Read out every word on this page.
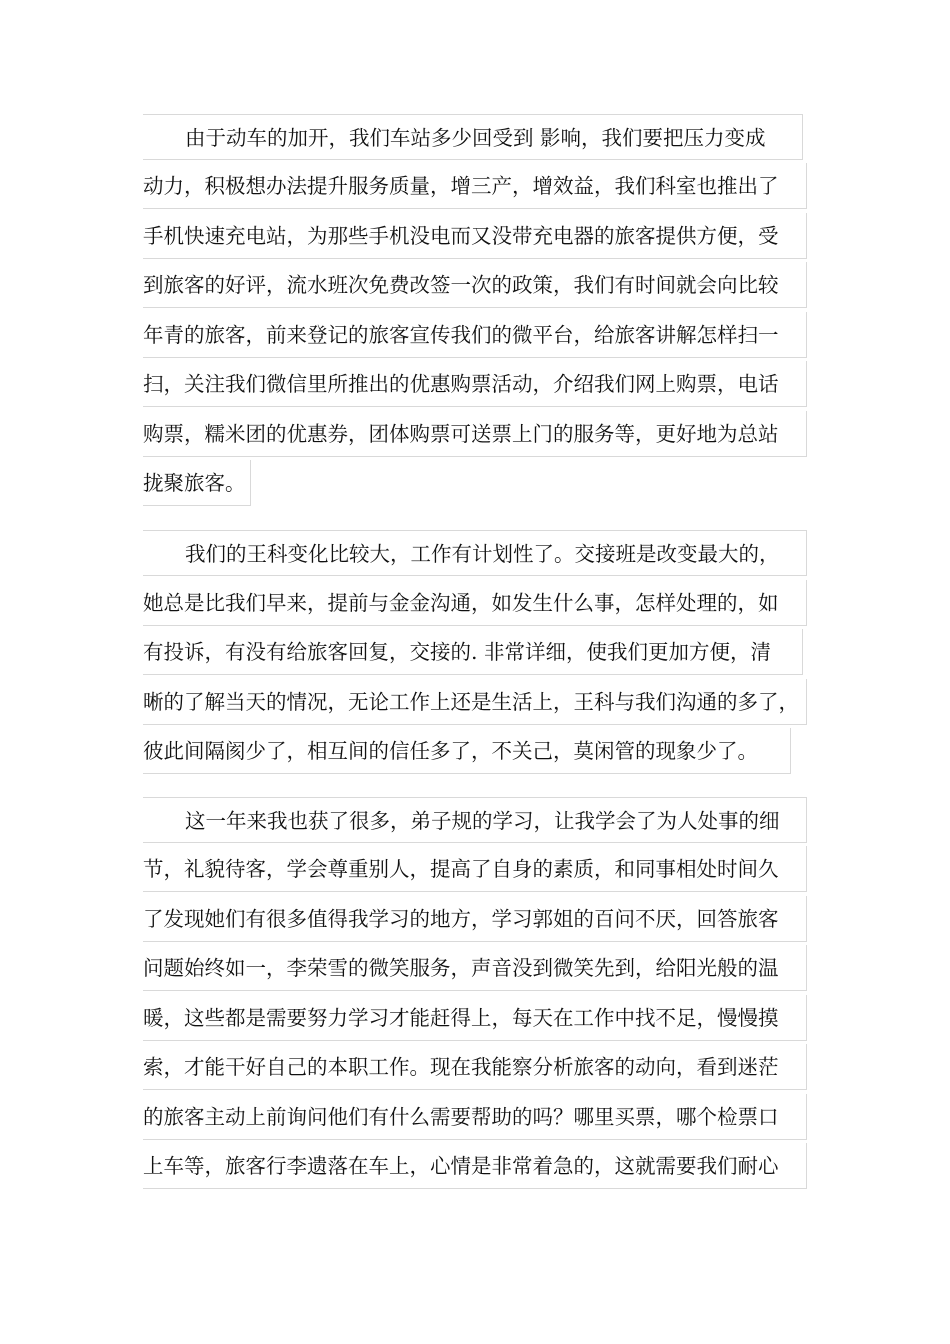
由于动车的加开，我们车站多少回受到 影响，我们要把压力变成
动力，积极想办法提升服务质量，增三产，增效益，我们科室也推出了
手机快速充电站，为那些手机没电而又没带充电器的旅客提供方便，受
到旅客的好评，流水班次免费改签一次的政策，我们有时间就会向比较
年青的旅客，前来登记的旅客宣传我们的微平台，给旅客讲解怎样扫一
扫，关注我们微信里所推出的优惠购票活动，介绍我们网上购票，电话
购票，糯米团的优惠券，团体购票可送票上门的服务等，更好地为总站
拢聚旅客。
我们的王科变化比较大，工作有计划性了。交接班是改变最大的，
她总是比我们早来，提前与金金沟通，如发生什么事，怎样处理的，如
有投诉，有没有给旅客回复，交接的. 非常详细，使我们更加方便，清
晰的了解当天的情况，无论工作上还是生活上，王科与我们沟通的多了，
彼此间隔阂少了，相互间的信任多了，不关己，莫闲管的现象少了。
这一年来我也获了很多，弟子规的学习，让我学会了为人处事的细
节，礼貌待客，学会尊重别人，提高了自身的素质，和同事相处时间久
了发现她们有很多值得我学习的地方，学习郭姐的百问不厌，回答旅客
问题始终如一，李荣雪的微笑服务，声音没到微笑先到，给阳光般的温
暖，这些都是需要努力学习才能赶得上，每天在工作中找不足，慢慢摸
索，才能干好自己的本职工作。现在我能察分析旅客的动向，看到迷茫
的旅客主动上前询问他们有什么需要帮助的吗？哪里买票，哪个检票口
上车等，旅客行李遗落在车上，心情是非常着急的，这就需要我们耐心
